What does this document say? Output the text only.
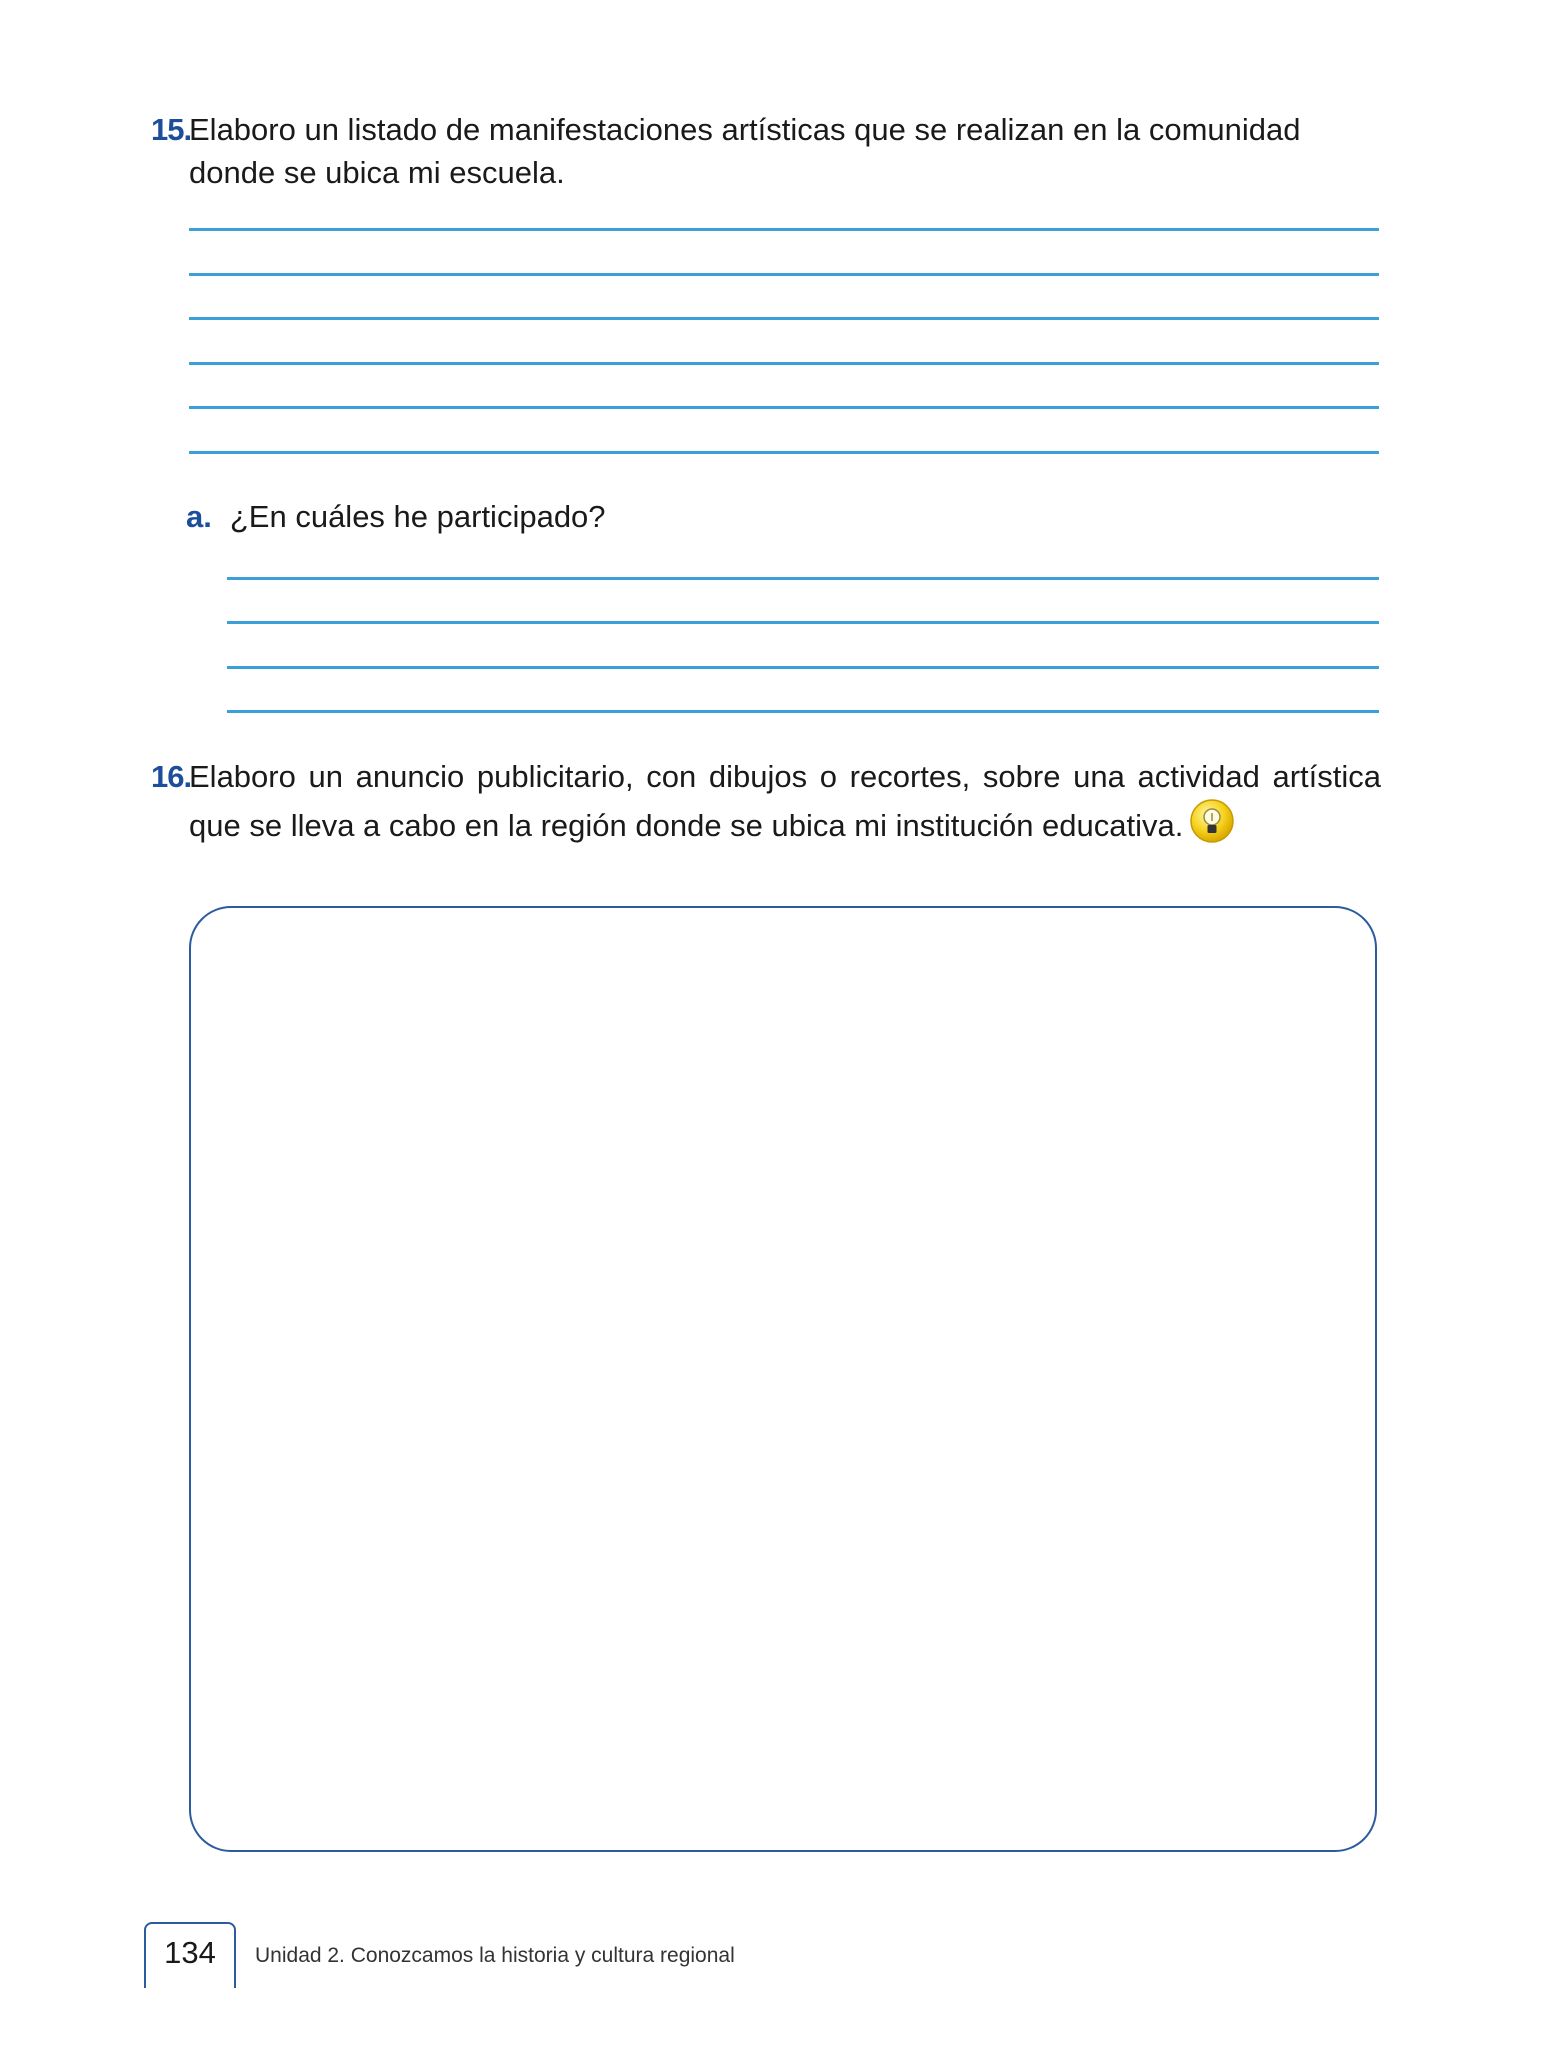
15.
Elaboro un listado de manifestaciones artísticas que se realizan en la comunidad donde se ubica mi escuela.
a. ¿En cuáles he participado?
16.
Elaboro un anuncio publicitario, con dibujos o recortes, sobre una actividad artística que se lleva a cabo en la región donde se ubica mi institución educativa.
134	Unidad 2. Conozcamos la historia y cultura regional
